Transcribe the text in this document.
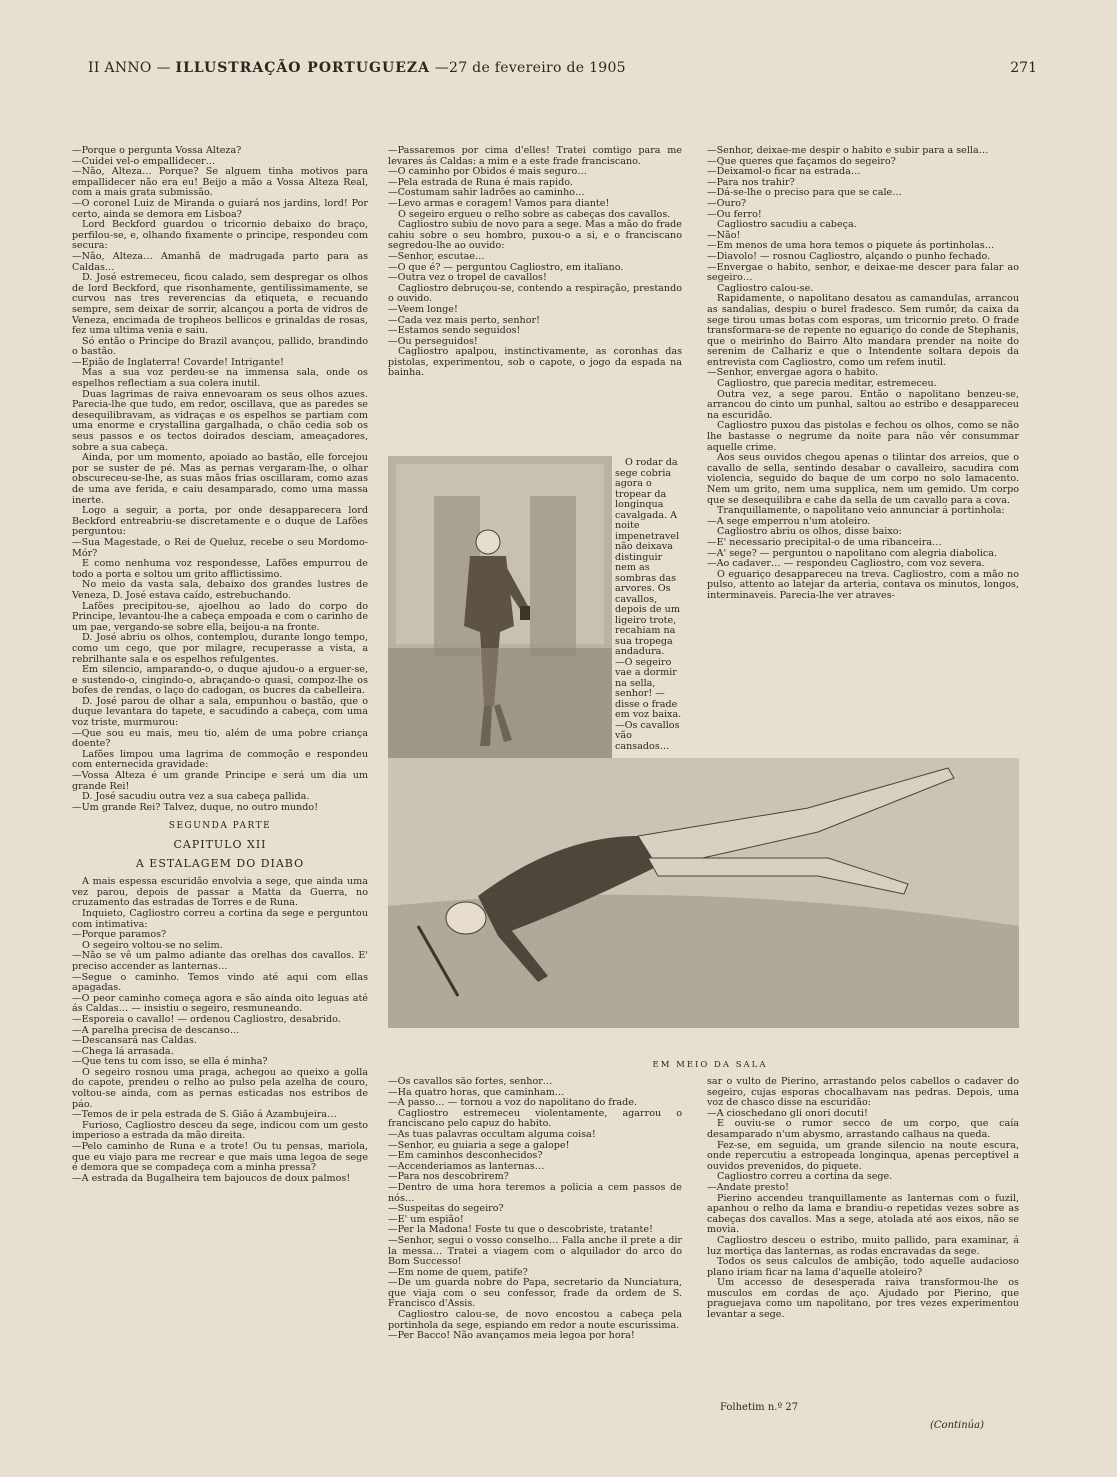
II ANNO — ILLUSTRAÇÃO PORTUGUEZA —27 de fevereiro de 1905	271

—Porque o pergunta Vossa Alteza?

—Cuidei vel-o empallidecer…

—Não, Alteza… Porque? Se alguem tinha motivos para empallidecer não era eu! Beijo a mão a Vossa Alteza Real, com a mais grata submissão.

—O coronel Luiz de Miranda o guiará nos jardins, lord! Por certo, ainda se demora em Lisboa?

Lord Beckford guardou o tricornio debaixo do braço, perfilou-se, e, olhando fixamente o principe, respondeu com secura:

—Não, Alteza… Amanhã de madrugada parto para as Caldas…

D. José estremeceu, ficou calado, sem despregar os olhos de lord Beckford, que risonhamente, gentilissimamente, se curvou nas tres reverencias da etiqueta, e recuando sempre, sem deixar de sorrir, alcançou a porta de vidros de Veneza, encimada de tropheos bellicos e grinaldas de rosas, fez uma ultima venia e saiu.

Só então o Principe do Brazil avançou, pallido, brandindo o bastão.

—Epião de Inglaterra! Covarde! Intrigante!

Mas a sua voz perdeu-se na immensa sala, onde os espelhos reflectiam a sua colera inutil.

Duas lagrimas de raiva ennevoaram os seus olhos azues. Parecia-lhe que tudo, em redor, oscillava, que as paredes se desequilibravam, as vidraças e os espelhos se partiam com uma enorme e crystallina gargalhada, o chão cedia sob os seus passos e os tectos doirados desciam, ameaçadores, sobre a sua cabeça.

Ainda, por um momento, apoiado ao bastão, elle forcejou por se suster de pé. Mas as pernas vergaram-lhe, o olhar obscureceu-se-lhe, as suas mãos frias oscillaram, como azas de uma ave ferida, e caiu desamparado, como uma massa inerte.

Logo a seguir, a porta, por onde desapparecera lord Beckford entreabriu-se discretamente e o duque de Lafões perguntou:

—Sua Magestade, o Rei de Queluz, recebe o seu Mordomo-Mór?

E como nenhuma voz respondesse, Lafões empurrou de todo a porta e soltou um grito afflictissimo.

No meio da vasta sala, debaixo dos grandes lustres de Veneza, D. José estava caído, estrebuchando.

Lafões precipitou-se, ajoelhou ao lado do corpo do Principe, levantou-lhe a cabeça empoada e com o carinho de um pae, vergando-se sobre ella, beijou-a na fronte.

D. José abriu os olhos, contemplou, durante longo tempo, como um cego, que por milagre, recuperasse a vista, a rebrilhante sala e os espelhos refulgentes.

Em silencio, amparando-o, o duque ajudou-o a erguer-se, e sustendo-o, cingindo-o, abraçando-o quasi, compoz-lhe os bofes de rendas, o laço do cadogan, os bucres da cabelleira.

D. José parou de olhar a sala, empunhou o bastão, que o duque levantara do tapete, e sacudindo a cabeça, com uma voz triste, murmurou:

—Que sou eu mais, meu tio, além de uma pobre criança doente?

Lafões limpou uma lagrima de commoção e respondeu com enternecida gravidade:

—Vossa Alteza é um grande Principe e será um dia um grande Rei!

D. José sacudiu outra vez a sua cabeça pallida.

—Um grande Rei? Talvez, duque, no outro mundo!

SEGUNDA PARTE
CAPITULO XII
A ESTALAGEM DO DIABO

A mais espessa escuridão envolvia a sege, que ainda uma vez parou, depois de passar a Matta da Guerra, no cruzamento das estradas de Torres e de Runa.

Inquieto, Cagliostro correu a cortina da sege e perguntou com intimativa:

—Porque paramos?

O segeiro voltou-se no selim.

—Não se vê um palmo adiante das orelhas dos cavallos. E' preciso accender as lanternas…

—Segue o caminho. Temos vindo até aqui com ellas apagadas.

—O peor caminho começa agora e são ainda oito leguas até ás Caldas… — insistiu o segeiro, resmuneando.

—Esporeia o cavallo! — ordenou Cagliostro, desabrido.

—A parelha precisa de descanso…

—Descansará nas Caldas.

—Chega lá arrasada.

—Que tens tu com isso, se ella é minha?

O segeiro rosnou uma praga, achegou ao queixo a golla do capote, prendeu o relho ao pulso pela azelha de couro, voltou-se ainda, com as pernas esticadas nos estribos de páo.

—Temos de ir pela estrada de S. Gião á Azambujeira…

Furioso, Cagliostro desceu da sege, indicou com um gesto imperioso a estrada da mão direita.

—Pelo caminho de Runa e a trote! Ou tu pensas, mariola, que eu viajo para me recrear e que mais uma legoa de sege é demora que se compadeça com a minha pressa?

—A estrada da Bugalheira tem bajoucos de doux palmos!

—Passaremos por cima d'elles! Tratei comtigo para me levares ás Caldas: a mim e a este frade franciscano.

—O caminho por Obidos é mais seguro…

—Pela estrada de Runa é mais rapido.

—Costumam sahir ladrões ao caminho…

—Levo armas e coragem! Vamos para diante!

O segeiro ergueu o relho sobre as cabeças dos cavallos.

Cagliostro subiu de novo para a sege. Mas a mão do frade cahiu sobre o seu hombro, puxou-o a si, e o franciscano segredou-lhe ao ouvido:

—Senhor, escutae…

—O que é? — perguntou Cagliostro, em italiano.

—Outra vez o tropel de cavallos!

Cagliostro debruçou-se, contendo a respiração, prestando o ouvido.

—Veem longe!

—Cada vez mais perto, senhor!

—Estamos sendo seguidos!

—Ou perseguidos!

Cagliostro apalpou, instinctivamente, as coronhas das pistolas, experimentou, sob o capote, o jogo da espada na bainha.

O rodar da sege cobria agora o tropear da longinqua cavalgada. A noite impenetravel não deixava distinguir nem as sombras das arvores. Os cavallos, depois de um ligeiro trote, recahiam na sua tropega andadura.

—O segeiro vae a dormir na sella, senhor! — disse o frade em voz baixa.

—Os cavallos vão cansados…

—Senhor, deixae-me despir o habito e subir para a sella…

—Que queres que façamos do segeiro?

—Deixamol-o ficar na estrada…

—Para nos trahir?

—Dá-se-lhe o preciso para que se cale…

—Ouro?

—Ou ferro!

Cagliostro sacudiu a cabeça.

—Não!

—Em menos de uma hora temos o piquete ás portinholas…

—Diavolo! — rosnou Cagliostro, alçando o punho fechado.

—Envergae o habito, senhor, e deixae-me descer para falar ao segeiro…

Cagliostro calou-se.

Rapidamente, o napolitano desatou as camandulas, arrancou as sandalias, despiu o burel fradesco. Sem rumôr, da caixa da sege tirou umas botas com esporas, um tricornio preto. O frade transformara-se de repente no eguariço do conde de Stephanis, que o meirinho do Bairro Alto mandara prender na noite do serenim de Calhariz e que o Intendente soltara depois da entrevista com Cagliostro, como um refem inutil.

—Senhor, envergae agora o habito.

Cagliostro, que parecia meditar, estremeceu.

Outra vez, a sege parou. Então o napolitano benzeu-se, arrancou do cinto um punhal, saltou ao estribo e desappareceu na escuridão.

Cagliostro puxou das pistolas e fechou os olhos, como se não lhe bastasse o negrume da noite para não vêr consummar aquelle crime.

Aos seus ouvidos chegou apenas o tilintar dos arreios, que o cavallo de sella, sentindo desabar o cavalleiro, sacudira com violencia, seguido do baque de um corpo no solo lamacento. Nem um grito, nem uma supplica, nem um gemido. Um corpo que se desequilibra e cahe da sella de um cavallo para a cova.

Tranquillamente, o napolitano veio annunciar á portinhola:

—A sege emperrou n'um atoleiro.

Cagliostro abriu os olhos, disse baixo:

—E' necessario precipital-o de uma ribanceira…

—A' sege? — perguntou o napolitano com alegria diabolica.

—Ao cadaver… — respondeu Cagliostro, com voz severa.

O eguariço desappareceu na treva. Cagliostro, com a mão no pulso, attento ao latejar da arteria, contava os minutos, longos, interminaveis. Parecia-lhe ver atraves-

EM MEIO DA SALA

—Os cavallos são fortes, senhor…

—Ha quatro horas, que caminham…

—A passo… — tornou a voz do napolitano do frade.

Cagliostro estremeceu violentamente, agarrou o franciscano pelo capuz do habito.

—As tuas palavras occultam alguma coisa!

—Senhor, eu guiaria a sege a galope!

—Em caminhos desconhecidos?

—Accenderiamos as lanternas…

—Para nos descobrirem?

—Dentro de uma hora teremos a policia a cem passos de nós…

—Suspeitas do segeiro?

—E' um espião!

—Per la Madona! Foste tu que o descobriste, tratante!

—Senhor, segui o vosso conselho… Falla anche il prete a dir la messa… Tratei a viagem com o alquilador do arco do Bom Successo!

—Em nome de quem, patife?

—De um guarda nobre do Papa, secretario da Nunciatura, que viaja com o seu confessor, frade da ordem de S. Francisco d'Assis.

Cagliostro calou-se, de novo encostou a cabeça pela portinhola da sege, espiando em redor a noute escurissima.

—Per Bacco! Não avançamos meia legoa por hora!

sar o vulto de Pierino, arrastando pelos cabellos o cadaver do segeiro, cujas esporas chocalhavam nas pedras. Depois, uma voz de chasco disse na escuridão:

—A cioschedano gli onori docuti!

E ouviu-se o rumor secco de um corpo, que caía desamparado n'um abysmo, arrastando calhaus na queda.

Fez-se, em seguida, um grande silencio na noute escura, onde repercutiu a estropeada longinqua, apenas perceptivel a ouvidos prevenidos, do piquete.

Cagliostro correu a cortina da sege.

—Andate presto!

Pierino accendeu tranquillamente as lanternas com o fuzil, apanhou o relho da lama e brandiu-o repetidas vezes sobre as cabeças dos cavallos. Mas a sege, atolada até aos eixos, não se movia.

Cagliostro desceu o estribo, muito pallido, para examinar, á luz mortiça das lanternas, as rodas encravadas da sege.

Todos os seus calculos de ambição, todo aquelle audacioso plano iriam ficar na lama d'aquelle atoleiro?

Um accesso de desesperada raiva transformou-lhe os musculos em cordas de aço. Ajudado por Pierino, que praguejava como um napolitano, por tres vezes experimentou levantar a sege.

Folhetim n.º 27
(Continúa)
